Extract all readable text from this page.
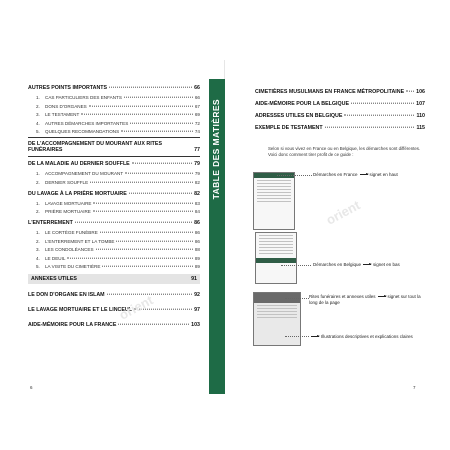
AUTRES POINTS IMPORTANTS	66
1.	CAS PARTICULIERS DES ENFANTS	66
2.	DONS D'ORGANES	67
3.	LE TESTAMENT	69
4.	AUTRES DÉMARCHES IMPORTANTES	72
5.	QUELQUES RECOMMANDATIONS	74
DE L'ACCOMPAGNEMENT DU MOURANT AUX RITES
FUNÉRAIRES	77
DE LA MALADIE AU DERNIER SOUFFLE	79
1.	ACCOMPAGNEMENT DU MOURANT	79
2.	DERNIER SOUFFLE	82
DU LAVAGE À LA PRIÈRE MORTUAIRE	82
1.	LAVAGE MORTUAIRE	83
2.	PRIÈRE MORTUAIRE	84
L'ENTERREMENT	86
1.	LE CORTÈGE FUNÈBRE	86
2.	L'ENTERREMENT ET LA TOMBE	86
3.	LES CONDOLÉANCES	88
4.	LE DEUIL	89
5.	LA VISITE DU CIMETIÈRE	89
ANNEXES UTILES	91
LE DON D'ORGANE EN ISLAM	92
LE LAVAGE MORTUAIRE ET LE LINCEUL	97
AIDE-MÉMOIRE POUR LA FRANCE	103
orient
6
CIMETIÈRES MUSULMANS EN FRANCE MÉTROPOLITAINE 106
AIDE-MÉMOIRE POUR LA BELGIQUE	107
ADRESSES UTILES EN BELGIQUE	110
EXEMPLE DE TESTAMENT	115
Selon si vous vivez en France ou en Belgique, les démarches sont différentes. Voici donc comment tirer profit de ce guide :
Démarches en France	signet en haut
Démarches en Belgique	signet en bas
Rites funéraires et annexes utiles	signet sur tout la long de la page
Illustrations descriptives et explications claires
orient
7
TABLE DES MATIÈRES
